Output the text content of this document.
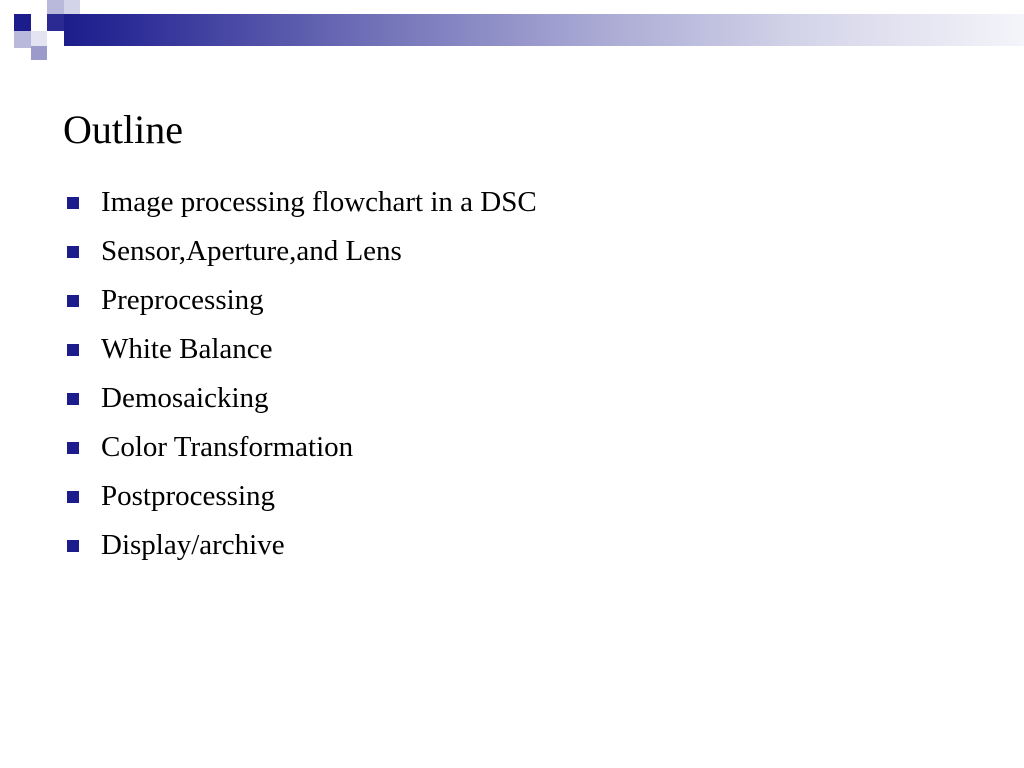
Outline
Image processing flowchart in a DSC
Sensor,Aperture,and Lens
Preprocessing
White Balance
Demosaicking
Color Transformation
Postprocessing
Display/archive
